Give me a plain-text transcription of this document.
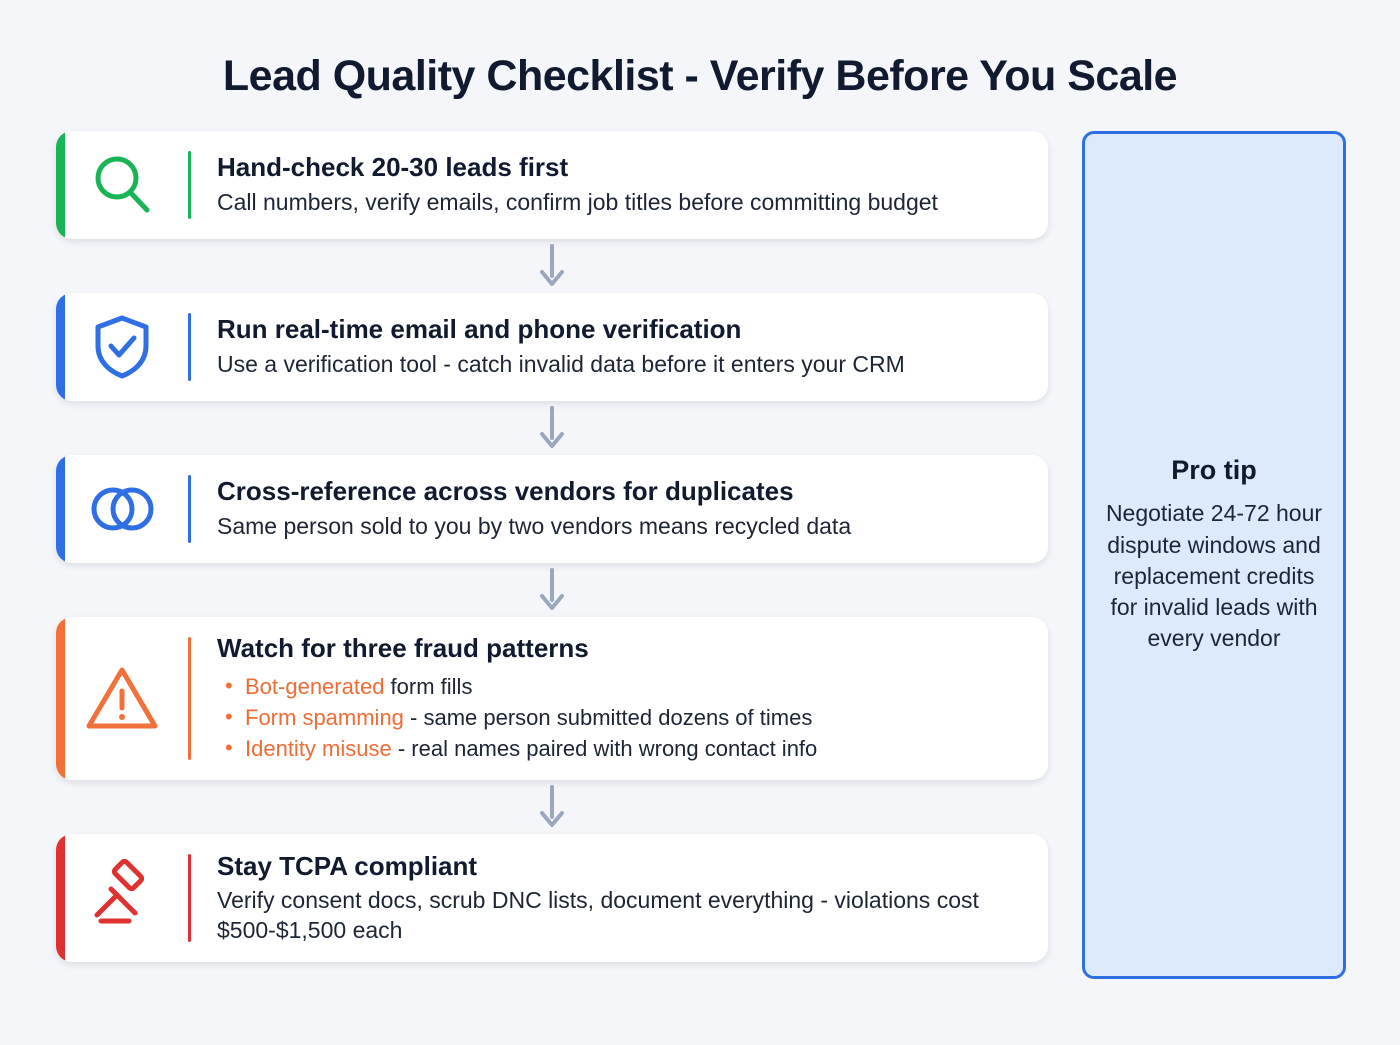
Lead Quality Checklist - Verify Before You Scale
Hand-check 20-30 leads first
Call numbers, verify emails, confirm job titles before committing budget
Run real-time email and phone verification
Use a verification tool - catch invalid data before it enters your CRM
Cross-reference across vendors for duplicates
Same person sold to you by two vendors means recycled data
Watch for three fraud patterns
• Bot-generated form fills
• Form spamming - same person submitted dozens of times
• Identity misuse - real names paired with wrong contact info
Stay TCPA compliant
Verify consent docs, scrub DNC lists, document everything - violations cost $500-$1,500 each
Pro tip
Negotiate 24-72 hour dispute windows and replacement credits for invalid leads with every vendor
